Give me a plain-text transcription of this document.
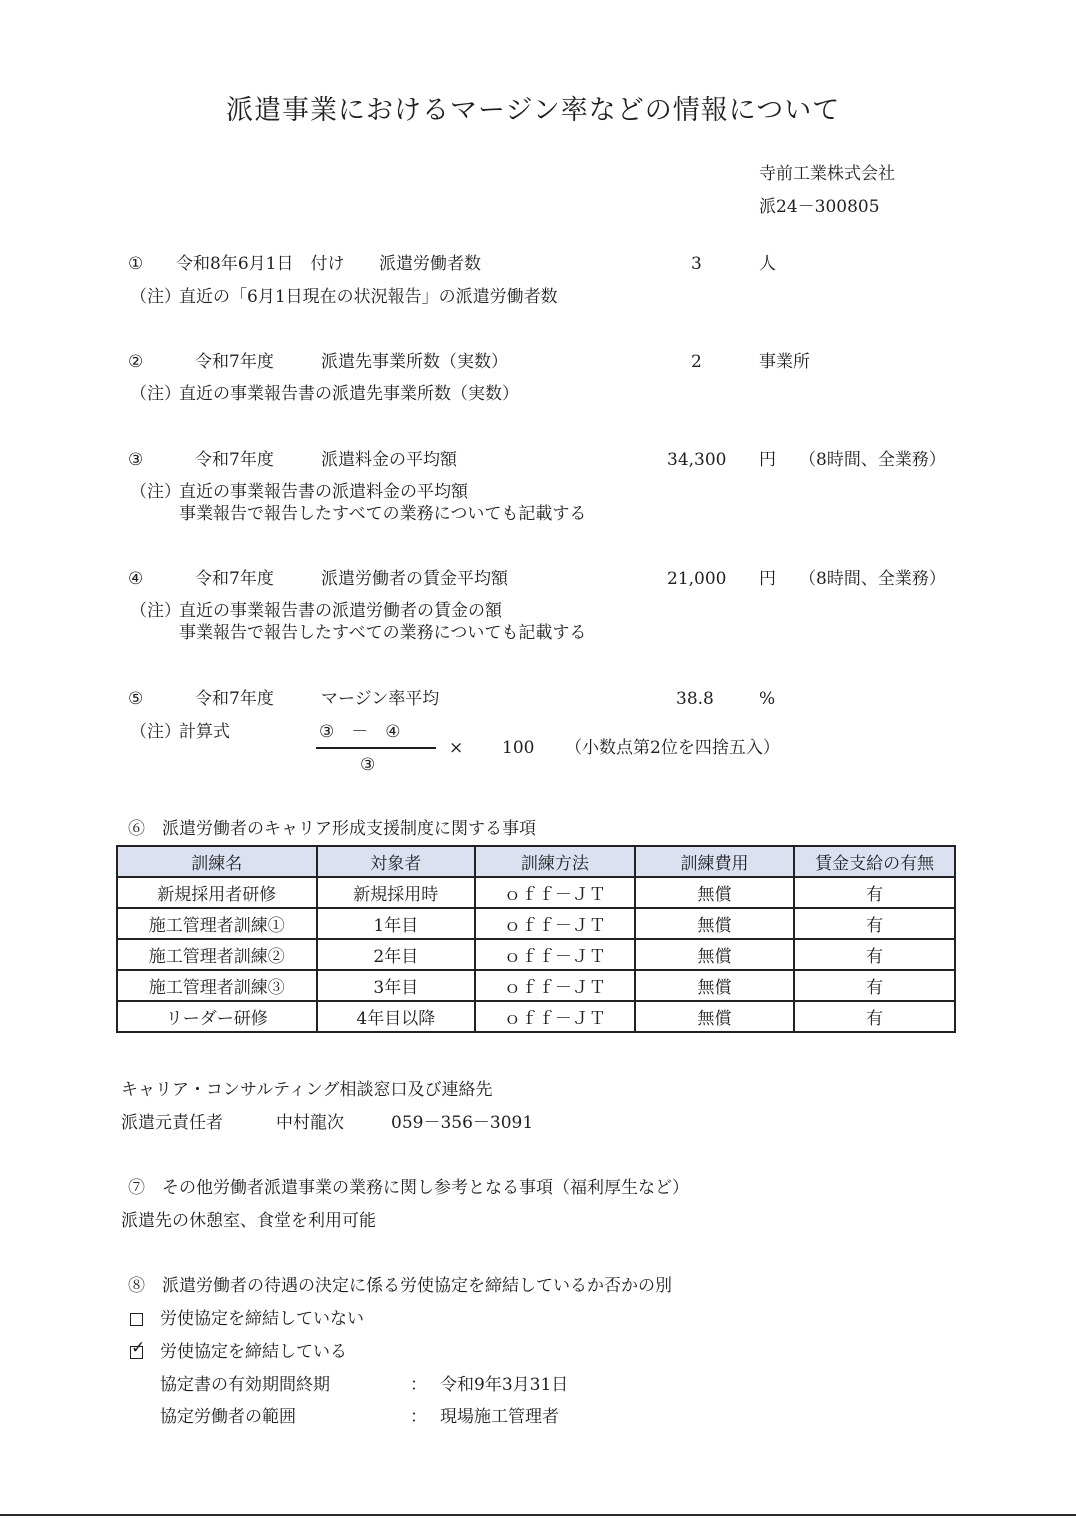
派遣事業におけるマージン率などの情報について
寺前工業株式会社
派24－300805
① 令和8年6月1日　付け 派遣労働者数	3	人
（注）
直近の「6月1日現在の状況報告」の派遣労働者数
②	令和7年度	派遣先事業所数（実数）	2	事業所
（注）
直近の事業報告書の派遣先事業所数（実数）
③	令和7年度	派遣料金の平均額	34,300 円 （8時間、全業務）
（注）
直近の事業報告書の派遣料金の平均額
事業報告で報告したすべての業務についても記載する
④	令和7年度	派遣労働者の賃金平均額	21,000 円 （8時間、全業務）
（注）
直近の事業報告書の派遣労働者の賃金の額
事業報告で報告したすべての業務についても記載する
⑤	令和7年度	マージン率平均	38.8	%
（注）
計算式	③　－　④
③
× 100 （小数点第2位を四捨五入）
⑥　派遣労働者のキャリア形成支援制度に関する事項
訓練名	対象者	訓練方法	訓練費用	賃金支給の有無
新規採用者研修	新規採用時	ｏｆｆ－ＪＴ	無償	有
施工管理者訓練①	1年目	ｏｆｆ－ＪＴ	無償	有
施工管理者訓練②	2年目	ｏｆｆ－ＪＴ	無償	有
施工管理者訓練③	3年目	ｏｆｆ－ＪＴ	無償	有
リーダー研修	4年目以降	ｏｆｆ－ＪＴ	無償	有
キャリア・コンサルティング相談窓口及び連絡先
派遣元責任者	中村龍次	059－356－3091
⑦　その他労働者派遣事業の業務に関し参考となる事項（福利厚生など）
派遣先の休憩室、食堂を利用可能
⑧　派遣労働者の待遇の決定に係る労使協定を締結しているか否かの別
労使協定を締結していない
✓ 労使協定を締結している
協定書の有効期間終期	： 令和9年3月31日
協定労働者の範囲	： 現場施工管理者
